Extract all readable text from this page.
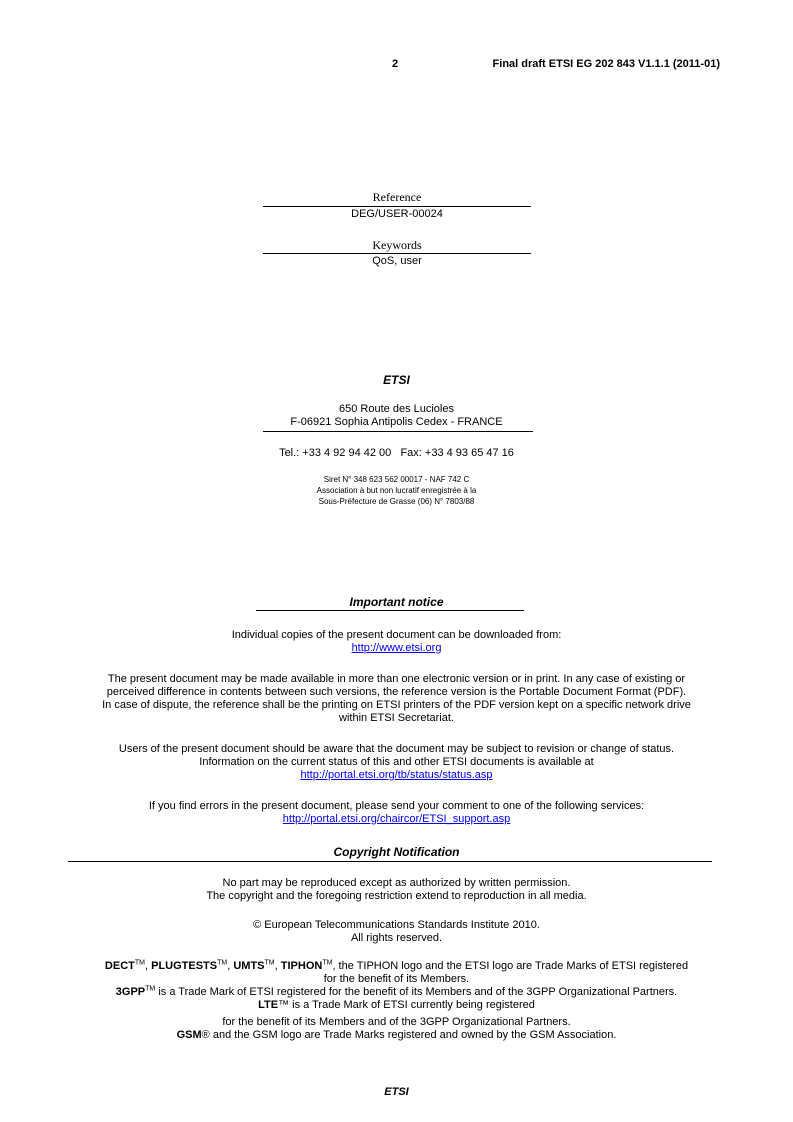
2	Final draft ETSI EG 202 843 V1.1.1 (2011-01)
Reference
DEG/USER-00024
Keywords
QoS, user
ETSI
650 Route des Lucioles
F-06921 Sophia Antipolis Cedex - FRANCE
Tel.: +33 4 92 94 42 00   Fax: +33 4 93 65 47 16
Siret N° 348 623 562 00017 - NAF 742 C
Association à but non lucratif enregistrée à la
Sous-Préfecture de Grasse (06) N° 7803/88
Important notice
Individual copies of the present document can be downloaded from:
http://www.etsi.org
The present document may be made available in more than one electronic version or in print. In any case of existing or
perceived difference in contents between such versions, the reference version is the Portable Document Format (PDF).
In case of dispute, the reference shall be the printing on ETSI printers of the PDF version kept on a specific network drive
within ETSI Secretariat.
Users of the present document should be aware that the document may be subject to revision or change of status.
Information on the current status of this and other ETSI documents is available at
http://portal.etsi.org/tb/status/status.asp
If you find errors in the present document, please send your comment to one of the following services:
http://portal.etsi.org/chaircor/ETSI_support.asp
Copyright Notification
No part may be reproduced except as authorized by written permission.
The copyright and the foregoing restriction extend to reproduction in all media.
© European Telecommunications Standards Institute 2010.
All rights reserved.
DECT™, PLUGTESTS™, UMTS™, TIPHON™, the TIPHON logo and the ETSI logo are Trade Marks of ETSI registered
for the benefit of its Members.
3GPP™ is a Trade Mark of ETSI registered for the benefit of its Members and of the 3GPP Organizational Partners.
LTE™ is a Trade Mark of ETSI currently being registered
for the benefit of its Members and of the 3GPP Organizational Partners.
GSM® and the GSM logo are Trade Marks registered and owned by the GSM Association.
ETSI
